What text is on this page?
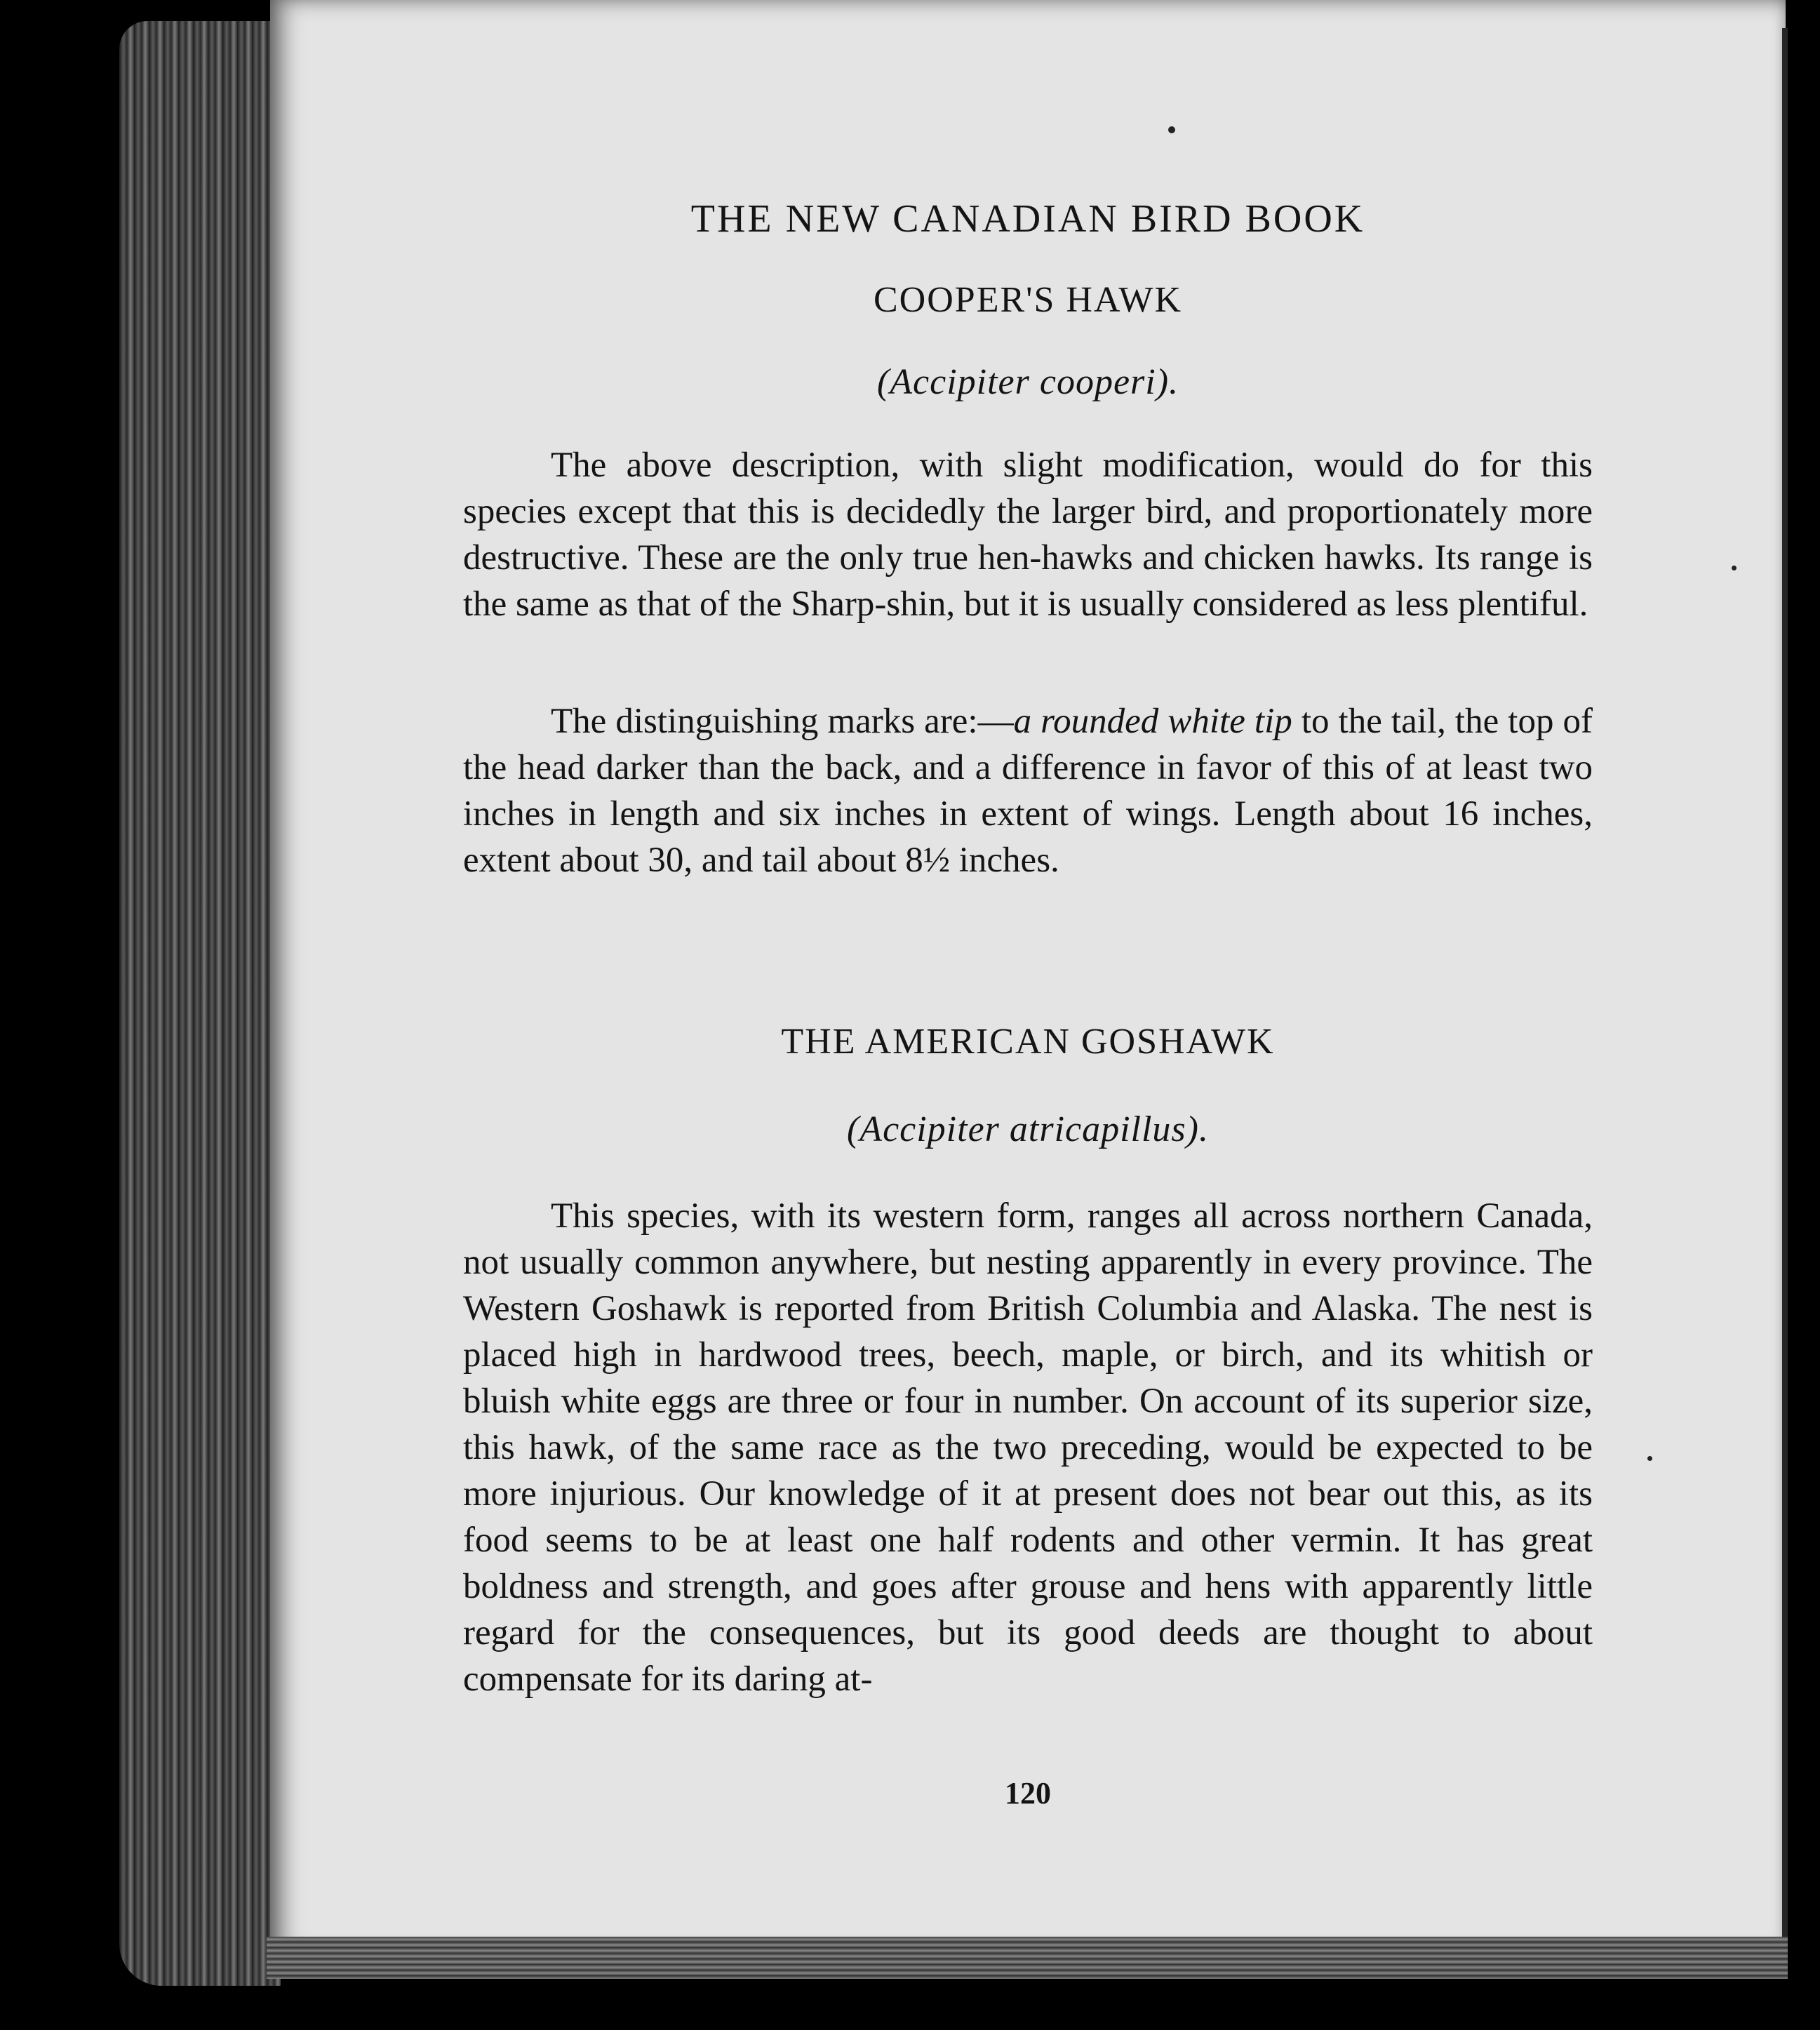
THE NEW CANADIAN BIRD BOOK
COOPER'S HAWK
(Accipiter cooperi).

The above description, with slight modification, would do for this species except that this is decidedly the larger bird, and proportionately more destructive. These are the only true hen-hawks and chicken hawks. Its range is the same as that of the Sharp-shin, but it is usually considered as less plentiful.

The distinguishing marks are:—a rounded white tip to the tail, the top of the head darker than the back, and a difference in favor of this of at least two inches in length and six inches in extent of wings. Length about 16 inches, extent about 30, and tail about 8½ inches.

THE AMERICAN GOSHAWK
(Accipiter atricapillus).

This species, with its western form, ranges all across northern Canada, not usually common anywhere, but nesting apparently in every province. The Western Goshawk is reported from British Columbia and Alaska. The nest is placed high in hardwood trees, beech, maple, or birch, and its whitish or bluish white eggs are three or four in number. On account of its superior size, this hawk, of the same race as the two preceding, would be expected to be more injurious. Our knowledge of it at present does not bear out this, as its food seems to be at least one half rodents and other vermin. It has great boldness and strength, and goes after grouse and hens with apparently little regard for the consequences, but its good deeds are thought to about compensate for its daring at-

120
